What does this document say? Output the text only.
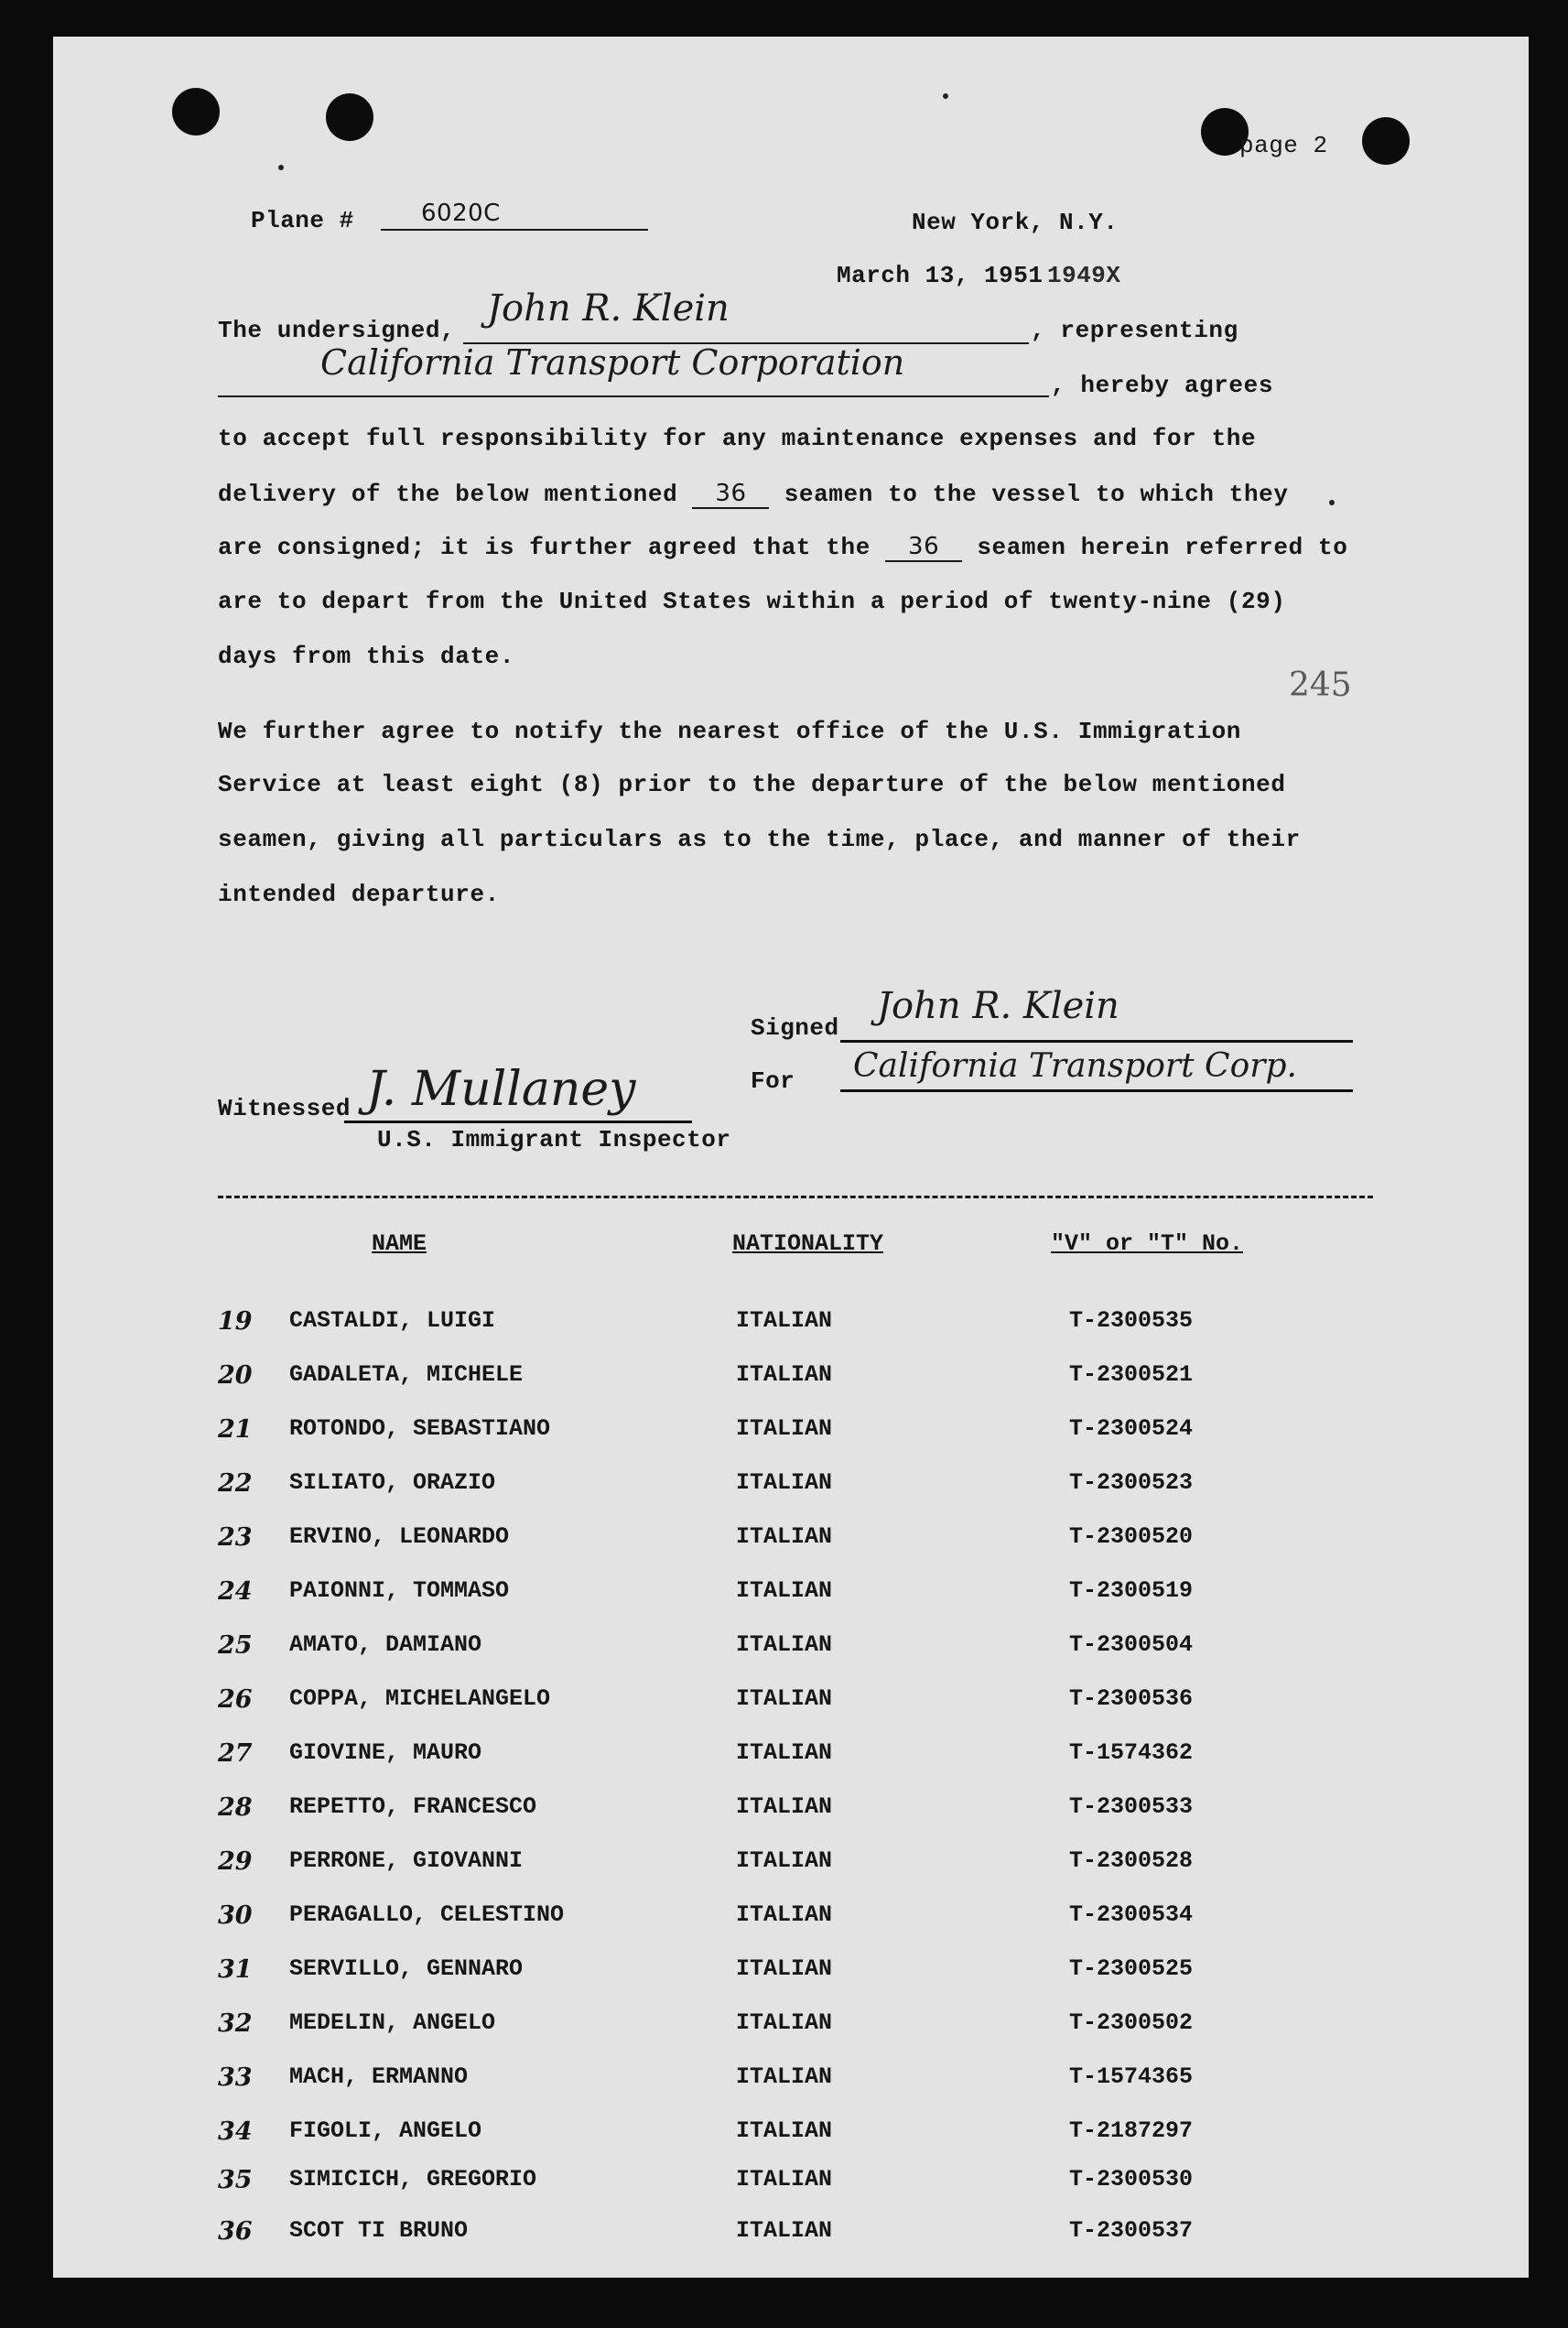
page 2
Plane #	6020C	New York, N.Y.
March 13, 1951 1949X
The undersigned,
John R. Klein
, representing
California Transport Corporation
, hereby agrees
to accept full responsibility for any maintenance expenses and for the
delivery of the below mentioned 36 seamen to the vessel to which they
are consigned; it is further agreed that the 36 seamen herein referred to
are to depart from the United States within a period of twenty-nine (29)
days from this date.
245
We further agree to notify the nearest office of the U.S. Immigration
Service at least eight (8) prior to the departure of the below mentioned
seamen, giving all particulars as to the time, place, and manner of their
intended departure.
Signed
John R. Klein
For California Transport Corp.
Witnessed J. Mullaney
U.S. Immigrant Inspector
NAME	NATIONALITY	"V" or "T" No.
19	CASTALDI, LUIGI	ITALIAN	T-2300535
20	GADALETA, MICHELE	ITALIAN	T-2300521
21	ROTONDO, SEBASTIANO	ITALIAN	T-2300524
22	SILIATO, ORAZIO	ITALIAN	T-2300523
23	ERVINO, LEONARDO	ITALIAN	T-2300520
24	PAIONNI, TOMMASO	ITALIAN	T-2300519
25	AMATO, DAMIANO	ITALIAN	T-2300504
26	COPPA, MICHELANGELO	ITALIAN	T-2300536
27	GIOVINE, MAURO	ITALIAN	T-1574362
28	REPETTO, FRANCESCO	ITALIAN	T-2300533
29	PERRONE, GIOVANNI	ITALIAN	T-2300528
30	PERAGALLO, CELESTINO	ITALIAN	T-2300534
31	SERVILLO, GENNARO	ITALIAN	T-2300525
32	MEDELIN, ANGELO	ITALIAN	T-2300502
33	MACH, ERMANNO	ITALIAN	T-1574365
34	FIGOLI, ANGELO	ITALIAN	T-2187297
35	SIMICICH, GREGORIO	ITALIAN	T-2300530
36	SCOT TI BRUNO	ITALIAN	T-2300537
